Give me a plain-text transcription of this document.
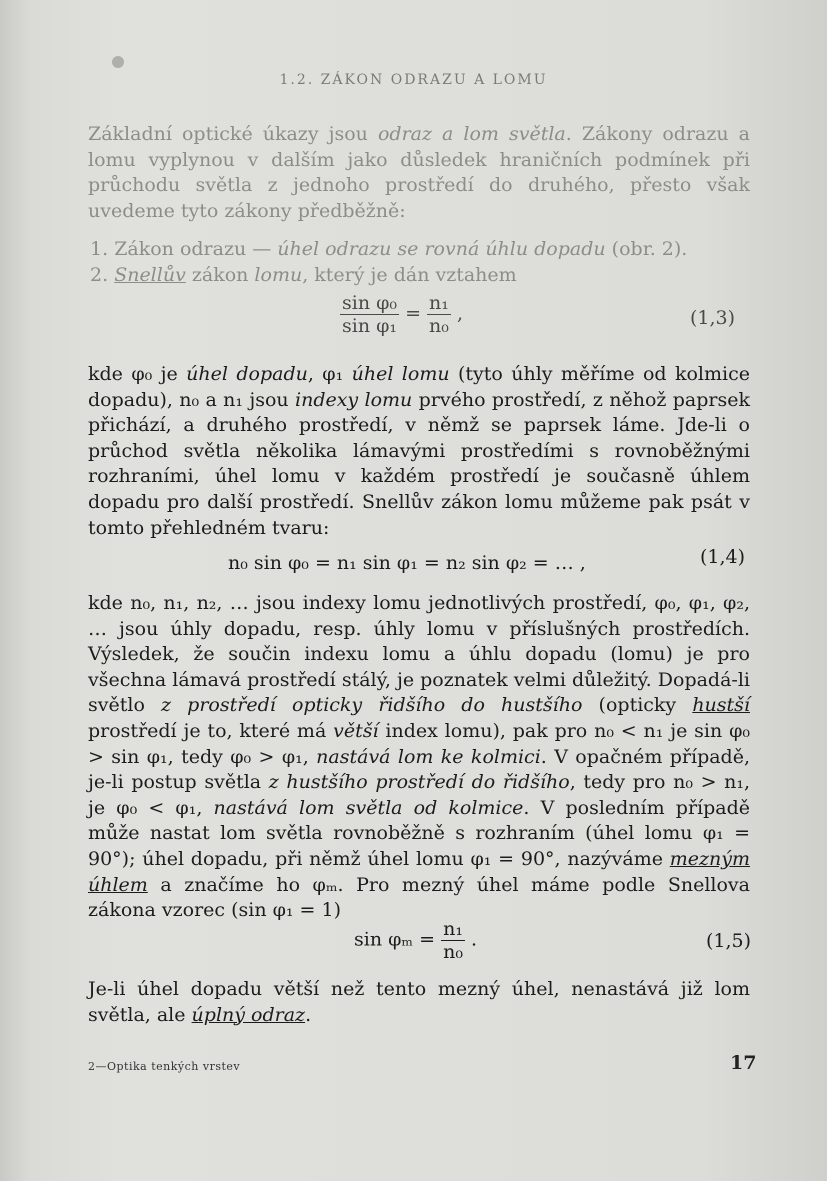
1.2. ZÁKON ODRAZU A LOMU
Základní optické úkazy jsou odraz a lom světla. Zákony odrazu a lomu vyplynou v dalším jako důsledek hraničních podmínek při průchodu světla z jednoho prostředí do druhého, přesto však uvedeme tyto zákony předběžně:
1. Zákon odrazu — úhel odrazu se rovná úhlu dopadu (obr. 2).
2. Snellův zákon lomu, který je dán vztahem
$\frac{\text{sin φ₀}}{\text{sin φ₁}} = \frac{\text{n₁}}{\text{n₀}}$ ,	(1,3)
kde φ₀ je úhel dopadu, φ₁ úhel lomu (tyto úhly měříme od kolmice dopadu), n₀ a n₁ jsou indexy lomu prvého prostředí, z něhož paprsek přichází, a druhého prostředí, v němž se paprsek láme. Jde-li o průchod světla několika lámavými prostředími s rovnoběžnými rozhraními, úhel lomu v každém prostředí je současně úhlem dopadu pro další prostředí. Snellův zákon lomu můžeme pak psát v tomto přehledném tvaru:
n₀ sin φ₀ = n₁ sin φ₁ = n₂ sin φ₂ = … ,	(1,4)
kde n₀, n₁, n₂, … jsou indexy lomu jednotlivých prostředí, φ₀, φ₁, φ₂, … jsou úhly dopadu, resp. úhly lomu v příslušných prostředích. Výsledek, že součin indexu lomu a úhlu dopadu (lomu) je pro všechna lámavá prostředí stálý, je poznatek velmi důležitý. Dopadá-li světlo z prostředí opticky řidšího do hustšího (opticky hustší prostředí je to, které má větší index lomu), pak pro n₀ < n₁ je sin φ₀ > sin φ₁, tedy φ₀ > φ₁, nastává lom ke kolmici. V opačném případě, je-li postup světla z hustšího prostředí do řidšího, tedy pro n₀ > n₁, je φ₀ < φ₁, nastává lom světla od kolmice. V posledním případě může nastat lom světla rovnoběžně s rozhraním (úhel lomu φ₁ = 90°); úhel dopadu, při němž úhel lomu φ₁ = 90°, nazýváme mezným úhlem a značíme ho φₘ. Pro mezný úhel máme podle Snellova zákona vzorec (sin φ₁ = 1)
$\sin \varphi_m = \frac{\text{n₁}}{\text{n₀}}$ .	(1,5)
Je-li úhel dopadu větší než tento mezný úhel, nenastává již lom světla, ale úplný odraz.
2—Optika tenkých vrstev	17
